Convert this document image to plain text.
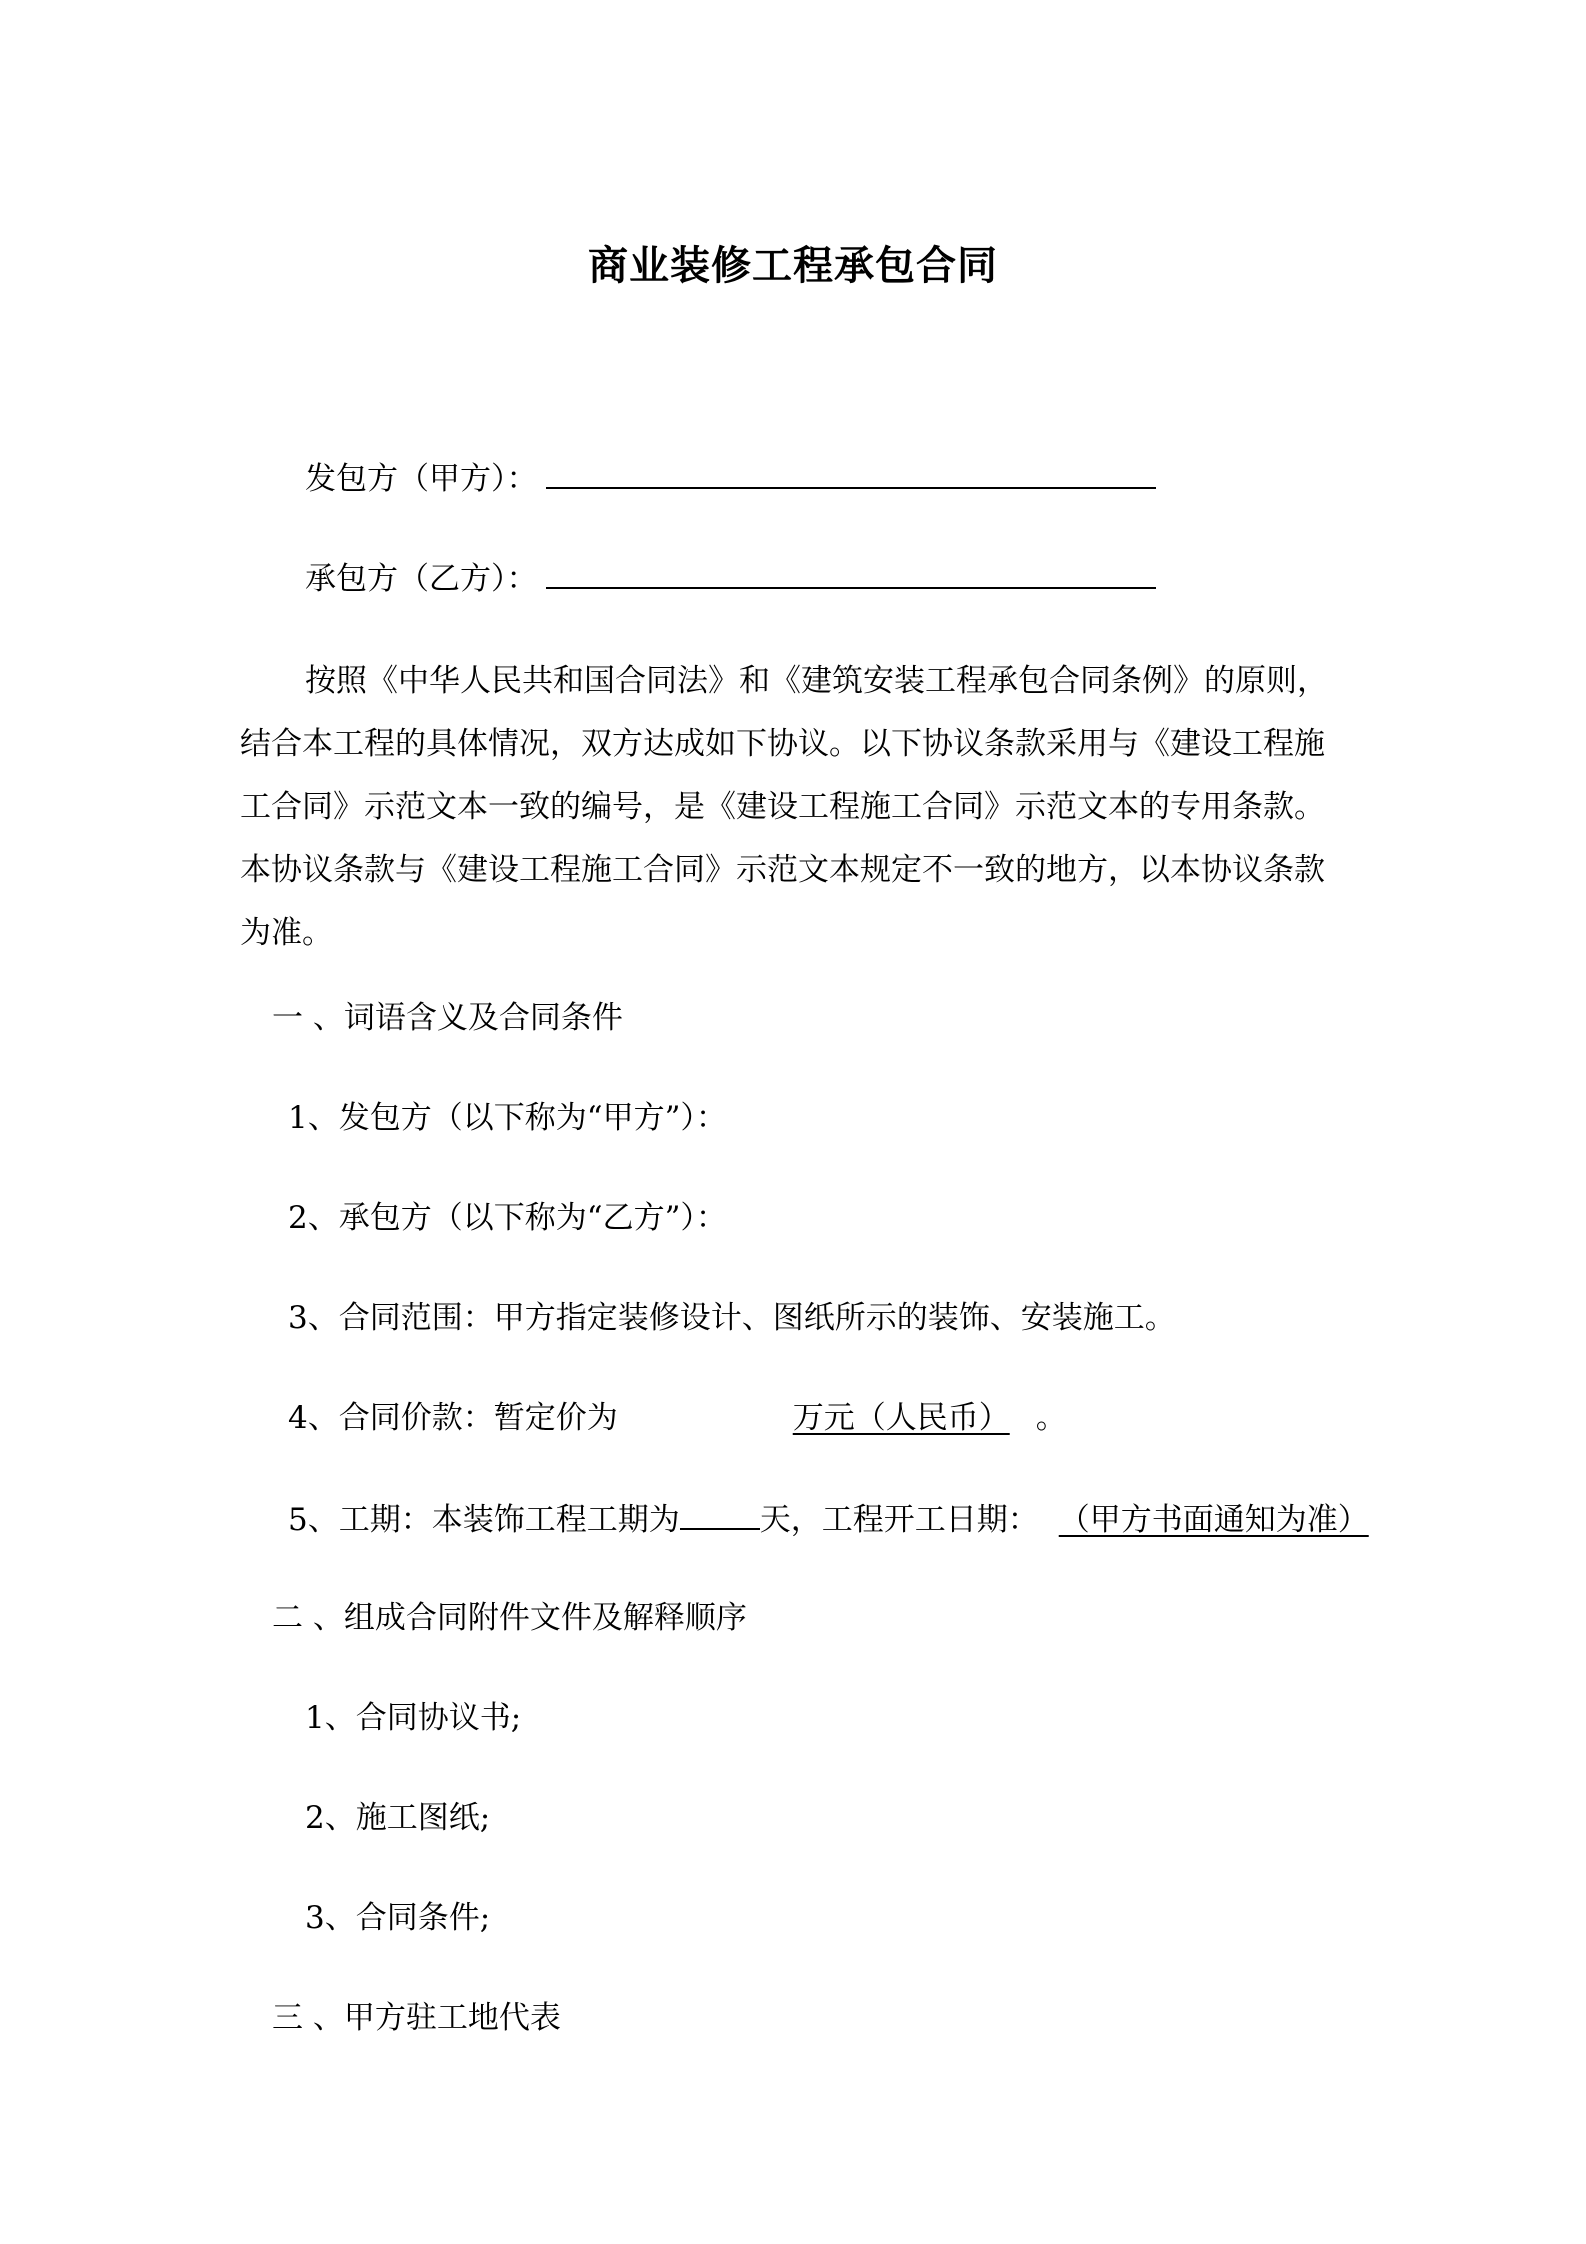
商业装修工程承包合同
发包方（甲方）：
承包方（乙方）：
按照《中华人民共和国合同法》和《建筑安装工程承包合同条例》的原则，
结合本工程的具体情况，双方达成如下协议。以下协议条款采用与《建设工程施
工合同》示范文本一致的编号，是《建设工程施工合同》示范文本的专用条款。
本协议条款与《建设工程施工合同》示范文本规定不一致的地方，以本协议条款
为准。
一 、词语含义及合同条件
1、发包方（以下称为“甲方”）：
2、承包方（以下称为“乙方”）：
3、合同范围：甲方指定装修设计、图纸所示的装饰、安装施工。
4、合同价款：暂定价为	万元（人民币） 。
5、工期：本装饰工程工期为	天，工程开工日期： （甲方书面通知为准）
二 、组成合同附件文件及解释顺序
1、合同协议书;
2、施工图纸;
3、合同条件;
三 、甲方驻工地代表
